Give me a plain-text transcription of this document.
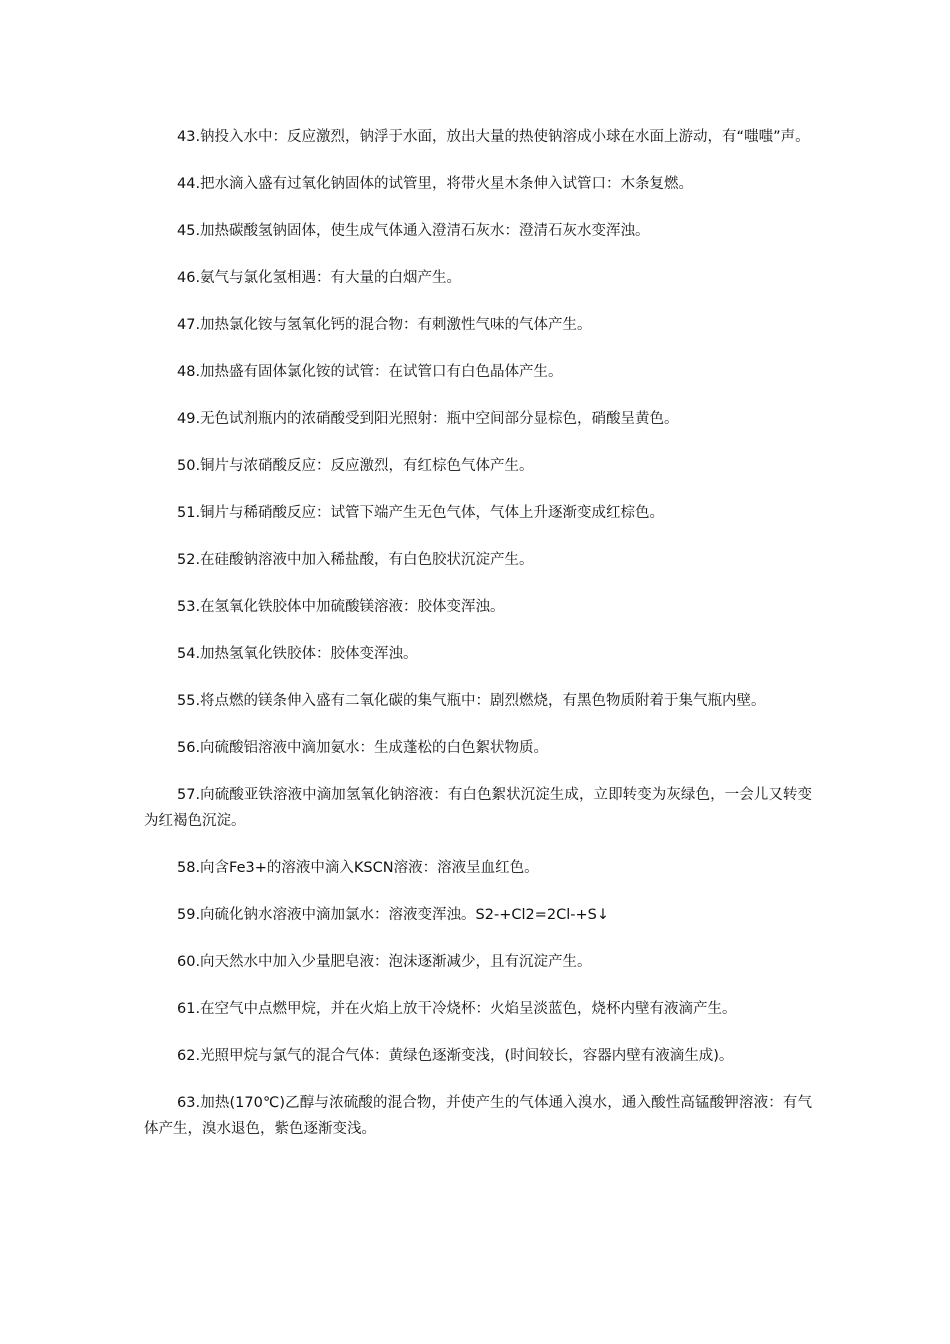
43.钠投入水中：反应激烈，钠浮于水面，放出大量的热使钠溶成小球在水面上游动，有“嗤嗤”声。

44.把水滴入盛有过氧化钠固体的试管里，将带火星木条伸入试管口：木条复燃。

45.加热碳酸氢钠固体，使生成气体通入澄清石灰水：澄清石灰水变浑浊。

46.氨气与氯化氢相遇：有大量的白烟产生。

47.加热氯化铵与氢氧化钙的混合物：有刺激性气味的气体产生。

48.加热盛有固体氯化铵的试管：在试管口有白色晶体产生。

49.无色试剂瓶内的浓硝酸受到阳光照射：瓶中空间部分显棕色，硝酸呈黄色。

50.铜片与浓硝酸反应：反应激烈，有红棕色气体产生。

51.铜片与稀硝酸反应：试管下端产生无色气体，气体上升逐渐变成红棕色。

52.在硅酸钠溶液中加入稀盐酸，有白色胶状沉淀产生。

53.在氢氧化铁胶体中加硫酸镁溶液：胶体变浑浊。

54.加热氢氧化铁胶体：胶体变浑浊。

55.将点燃的镁条伸入盛有二氧化碳的集气瓶中：剧烈燃烧，有黑色物质附着于集气瓶内壁。

56.向硫酸铝溶液中滴加氨水：生成蓬松的白色絮状物质。

57.向硫酸亚铁溶液中滴加氢氧化钠溶液：有白色絮状沉淀生成，立即转变为灰绿色，一会儿又转变为红褐色沉淀。

58.向含Fe3+的溶液中滴入KSCN溶液：溶液呈血红色。

59.向硫化钠水溶液中滴加氯水：溶液变浑浊。S2-+Cl2=2Cl-+S↓

60.向天然水中加入少量肥皂液：泡沫逐渐减少，且有沉淀产生。

61.在空气中点燃甲烷，并在火焰上放干冷烧杯：火焰呈淡蓝色，烧杯内壁有液滴产生。

62.光照甲烷与氯气的混合气体：黄绿色逐渐变浅，(时间较长，容器内壁有液滴生成)。

63.加热(170℃)乙醇与浓硫酸的混合物，并使产生的气体通入溴水，通入酸性高锰酸钾溶液：有气体产生，溴水退色，紫色逐渐变浅。
